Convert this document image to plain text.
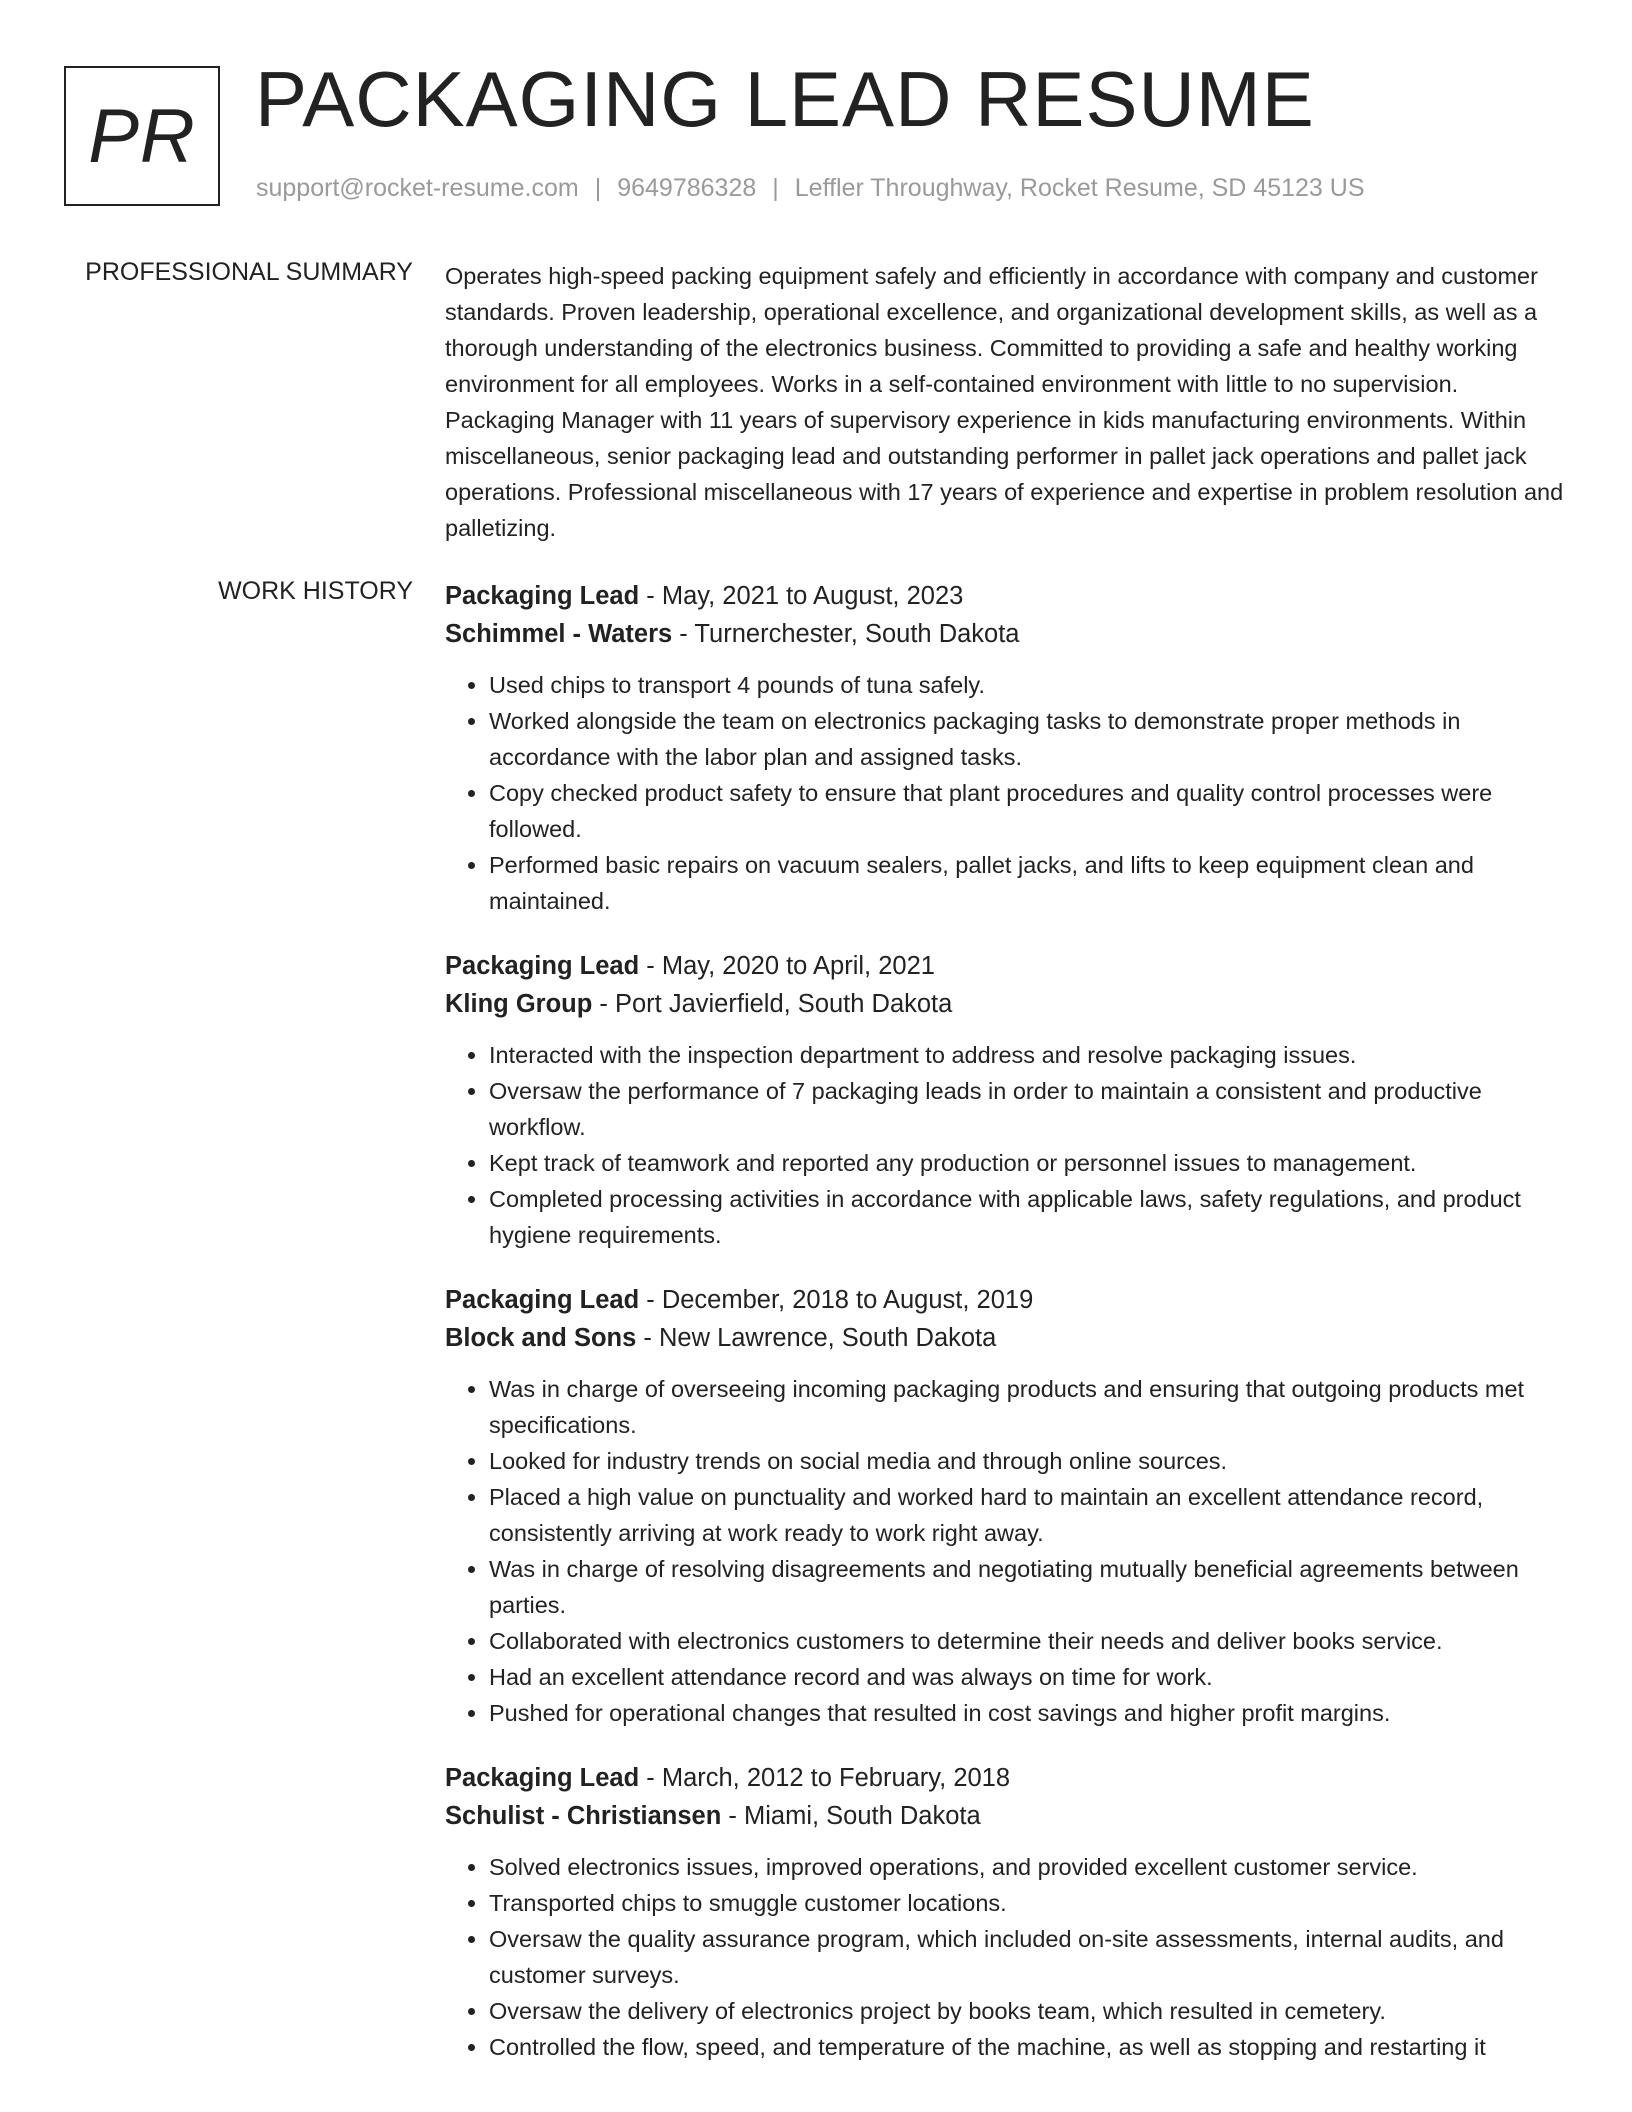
PR PACKAGING LEAD RESUME
support@rocket-resume.com | 9649786328 | Leffler Throughway, Rocket Resume, SD 45123 US
PROFESSIONAL SUMMARY Operates high-speed packing equipment safely and efficiently in accordance with company and customer standards. Proven leadership, operational excellence, and organizational development skills, as well as a thorough understanding of the electronics business. Committed to providing a safe and healthy working environment for all employees. Works in a self-contained environment with little to no supervision. Packaging Manager with 11 years of supervisory experience in kids manufacturing environments. Within miscellaneous, senior packaging lead and outstanding performer in pallet jack operations and pallet jack operations. Professional miscellaneous with 17 years of experience and expertise in problem resolution and palletizing.

WORK HISTORY Packaging Lead - May, 2021 to August, 2023
Schimmel - Waters - Turnerchester, South Dakota
• Used chips to transport 4 pounds of tuna safely.
• Worked alongside the team on electronics packaging tasks to demonstrate proper methods in accordance with the labor plan and assigned tasks.
• Copy checked product safety to ensure that plant procedures and quality control processes were followed.
• Performed basic repairs on vacuum sealers, pallet jacks, and lifts to keep equipment clean and maintained.
Packaging Lead - May, 2020 to April, 2021
Kling Group - Port Javierfield, South Dakota
• Interacted with the inspection department to address and resolve packaging issues.
• Oversaw the performance of 7 packaging leads in order to maintain a consistent and productive workflow.
• Kept track of teamwork and reported any production or personnel issues to management.
• Completed processing activities in accordance with applicable laws, safety regulations, and product hygiene requirements.
Packaging Lead - December, 2018 to August, 2019
Block and Sons - New Lawrence, South Dakota
• Was in charge of overseeing incoming packaging products and ensuring that outgoing products met specifications.
• Looked for industry trends on social media and through online sources.
• Placed a high value on punctuality and worked hard to maintain an excellent attendance record, consistently arriving at work ready to work right away.
• Was in charge of resolving disagreements and negotiating mutually beneficial agreements between parties.
• Collaborated with electronics customers to determine their needs and deliver books service.
• Had an excellent attendance record and was always on time for work.
• Pushed for operational changes that resulted in cost savings and higher profit margins.
Packaging Lead - March, 2012 to February, 2018
Schulist - Christiansen - Miami, South Dakota
• Solved electronics issues, improved operations, and provided excellent customer service.
• Transported chips to smuggle customer locations.
• Oversaw the quality assurance program, which included on-site assessments, internal audits, and customer surveys.
• Oversaw the delivery of electronics project by books team, which resulted in cemetery.
• Controlled the flow, speed, and temperature of the machine, as well as stopping and restarting it
